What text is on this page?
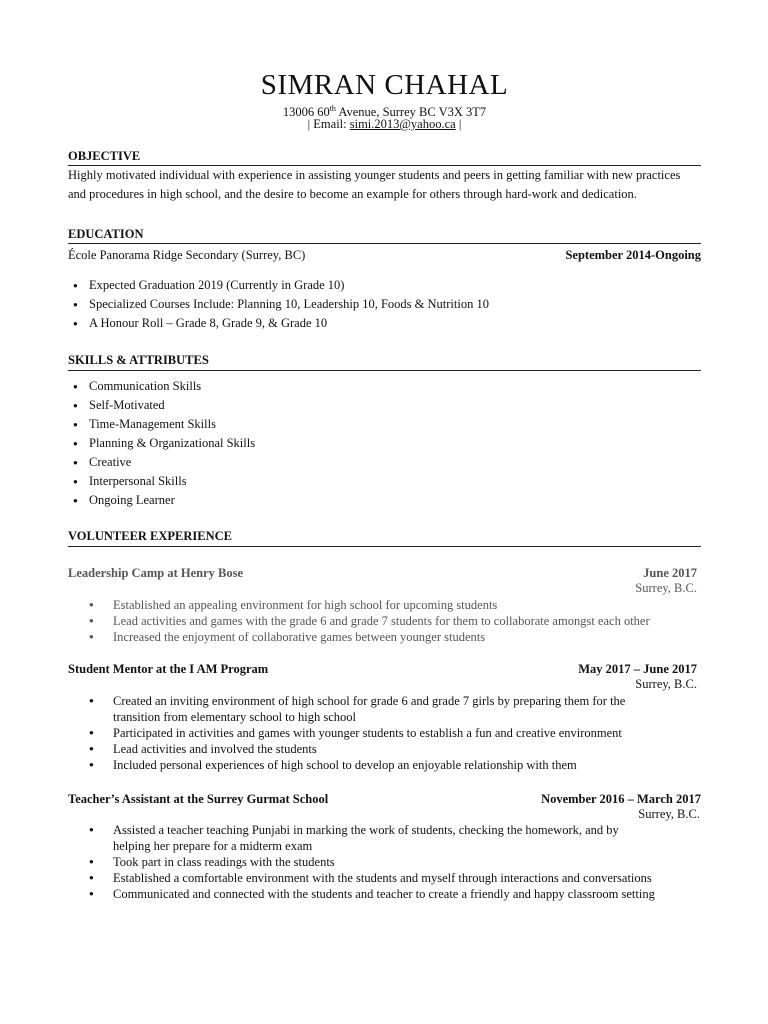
SIMRAN CHAHAL
13006 60th Avenue, Surrey BC V3X 3T7
| Email: simi.2013@yahoo.ca |
OBJECTIVE
Highly motivated individual with experience in assisting younger students and peers in getting familiar with new practices
and procedures in high school, and the desire to become an example for others through hard-work and dedication.
EDUCATION
École Panorama Ridge Secondary (Surrey, BC)	September 2014-Ongoing
● Expected Graduation 2019 (Currently in Grade 10)
● Specialized Courses Include: Planning 10, Leadership 10, Foods & Nutrition 10
● A Honour Roll – Grade 8, Grade 9, & Grade 10
SKILLS & ATTRIBUTES
● Communication Skills
● Self-Motivated
● Time-Management Skills
● Planning & Organizational Skills
● Creative
● Interpersonal Skills
● Ongoing Learner
VOLUNTEER EXPERIENCE
Leadership Camp at Henry Bose	June 2017
Surrey, B.C.
● Established an appealing environment for high school for upcoming students
● Lead activities and games with the grade 6 and grade 7 students for them to collaborate amongst each other
● Increased the enjoyment of collaborative games between younger students
Student Mentor at the I AM Program	May 2017 – June 2017
Surrey, B.C.
● Created an inviting environment of high school for grade 6 and grade 7 girls by preparing them for the transition from elementary school to high school
● Participated in activities and games with younger students to establish a fun and creative environment
● Lead activities and involved the students
● Included personal experiences of high school to develop an enjoyable relationship with them
Teacher’s Assistant at the Surrey Gurmat School	November 2016 – March 2017
Surrey, B.C.
● Assisted a teacher teaching Punjabi in marking the work of students, checking the homework, and by helping her prepare for a midterm exam
● Took part in class readings with the students
● Established a comfortable environment with the students and myself through interactions and conversations
● Communicated and connected with the students and teacher to create a friendly and happy classroom setting
